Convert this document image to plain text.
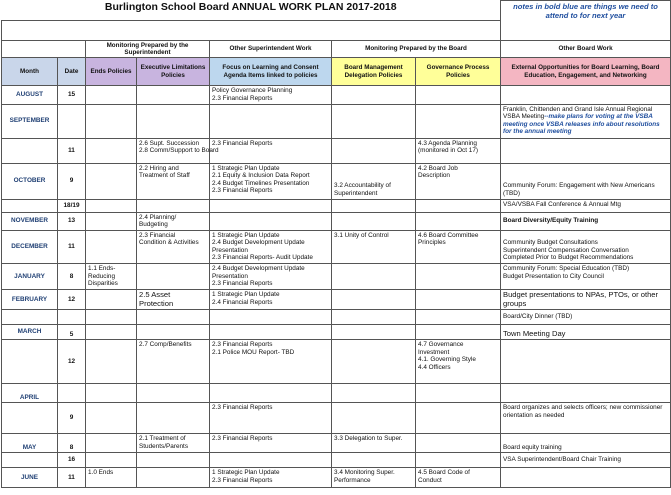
Burlington School Board ANNUAL WORK PLAN 2017-2018							notes in bold blue are things we need to attend to for next year

		Monitoring Prepared by the Superintendent		Other Superintendent Work	Monitoring Prepared by the Board		Other Board Work
Month	Date	Ends Policies	Executive Limitations Policies	Focus on Learning and Consent Agenda Items linked to policies	Board Management Delegation Policies	Governance Process Policies	External Opportunities for Board Learning, Board Education, Engagement, and Networking
AUGUST	15			Policy Governance Planning
2.3 Financial Reports			

SEPTEMBER							Franklin, Chittenden and Grand Isle Annual Regional VSBA Meeting--make plans for voting at the VSBA meeting once VSBA releases info about resolutions for the annual meeting
	11		2.6 Supt. Succession
2.8 Comm/Support to Board	2.3 Financial Reports		4.3 Agenda Planning
(monitored in Oct 17)	

OCTOBER	9		2.2 Hiring and
Treatment of Staff	1 Strategic Plan Update
2.1 Equity & Inclusion Data Report
2.4 Budget Timelines Presentation
2.3 Financial Reports	3.2 Accountability of
Superintendent	4.2 Board Job
Description	Community Forum: Engagement with New Americans (TBD)
	18/19						VSA/VSBA Fall Conference & Annual Mtg
NOVEMBER	13		2.4 Planning/
Budgeting				Board Diversity/Equity Training
DECEMBER	11		2.3 Financial
Condition & Activities	1 Strategic Plan Update
2.4 Budget Development Update
Presentation
2.3 Financial Reports- Audit Update	3.1 Unity of Control	4.6 Board Committee
Principles	Community Budget Consultations
Superintendent Compensation Conversation
Completed Prior to Budget Recommendations

JANUARY	8	1.1 Ends-
Reducing
Disparities		2.4 Budget Development Update
Presentation
2.3 Financial Reports			Community Forum: Special Education (TBD)
Budget Presentation to City Council

FEBRUARY	12		2.5 Asset
Protection	1 Strategic Plan Update
2.4 Financial Reports			Budget presentations to NPAs, PTOs, or other groups
							Board/City Dinner (TBD)
MARCH	5						Town Meeting Day
	12		2.7 Comp/Benefits	2.3 Financial Reports
2.1 Police MOU Report- TBD		4.7 Governance
Investment
4.1. Governing Style
4.4 Officers	

APRIL							
	9			2.3 Financial Reports			Board organizes and selects officers; new commissioner orientation as needed
MAY	8		2.1 Treatment of
Students/Parents	2.3 Financial Reports	3.3 Delegation to Super.		Board equity training
	16						VSA Superintendent/Board Chair Training
JUNE	11	1.0 Ends		1 Strategic Plan Update
2.3 Financial Reports	3.4 Monitoring Super.
Performance	4.5 Board Code of
Conduct	
